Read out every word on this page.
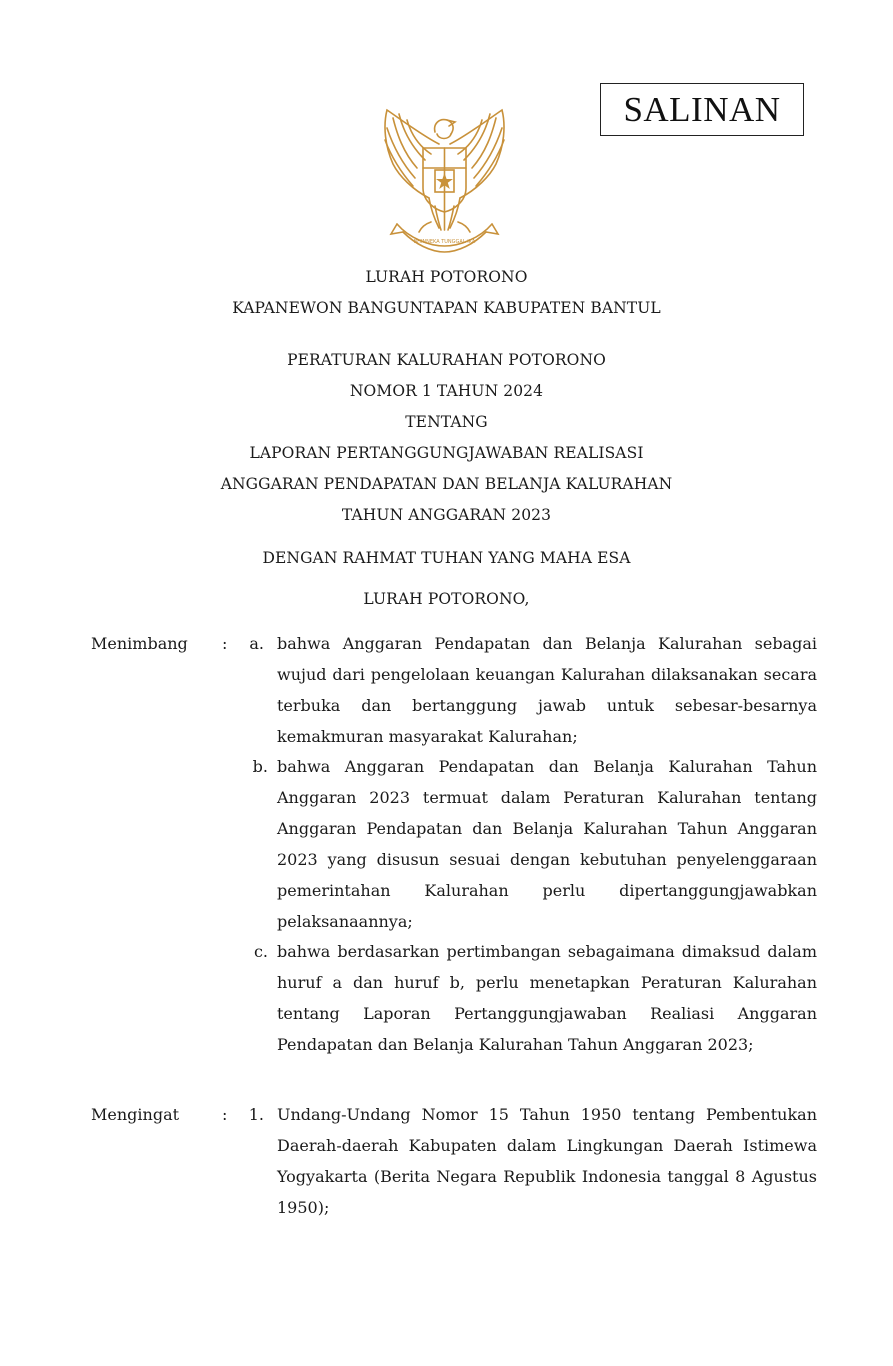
SALINAN
BHINNEKA TUNGGAL IKA
LURAH POTORONO
KAPANEWON BANGUNTAPAN KABUPATEN BANTUL
PERATURAN KALURAHAN POTORONO
NOMOR 1 TAHUN 2024
TENTANG
LAPORAN PERTANGGUNGJAWABAN REALISASI
ANGGARAN PENDAPATAN DAN BELANJA KALURAHAN
TAHUN ANGGARAN 2023
DENGAN RAHMAT TUHAN YANG MAHA ESA
LURAH POTORONO,
Menimbang :	a. bahwa Anggaran Pendapatan dan Belanja Kalurahan sebagai wujud dari pengelolaan keuangan Kalurahan dilaksanakan secara terbuka dan bertanggung jawab untuk sebesar-besarnya kemakmuran masyarakat Kalurahan;
b. bahwa Anggaran Pendapatan dan Belanja Kalurahan Tahun Anggaran 2023 termuat dalam Peraturan Kalurahan tentang Anggaran Pendapatan dan Belanja Kalurahan Tahun Anggaran 2023 yang disusun sesuai dengan kebutuhan penyelenggaraan pemerintahan Kalurahan perlu dipertanggungjawabkan pelaksanaannya;
c. bahwa berdasarkan pertimbangan sebagaimana dimaksud dalam huruf a dan huruf b, perlu menetapkan Peraturan Kalurahan tentang Laporan Pertanggungjawaban Realiasi Anggaran Pendapatan dan Belanja Kalurahan Tahun Anggaran 2023;
Mengingat	:	1. Undang-Undang Nomor 15 Tahun 1950 tentang Pembentukan Daerah-daerah Kabupaten dalam Lingkungan Daerah Istimewa Yogyakarta (Berita Negara Republik Indonesia tanggal 8 Agustus 1950);
